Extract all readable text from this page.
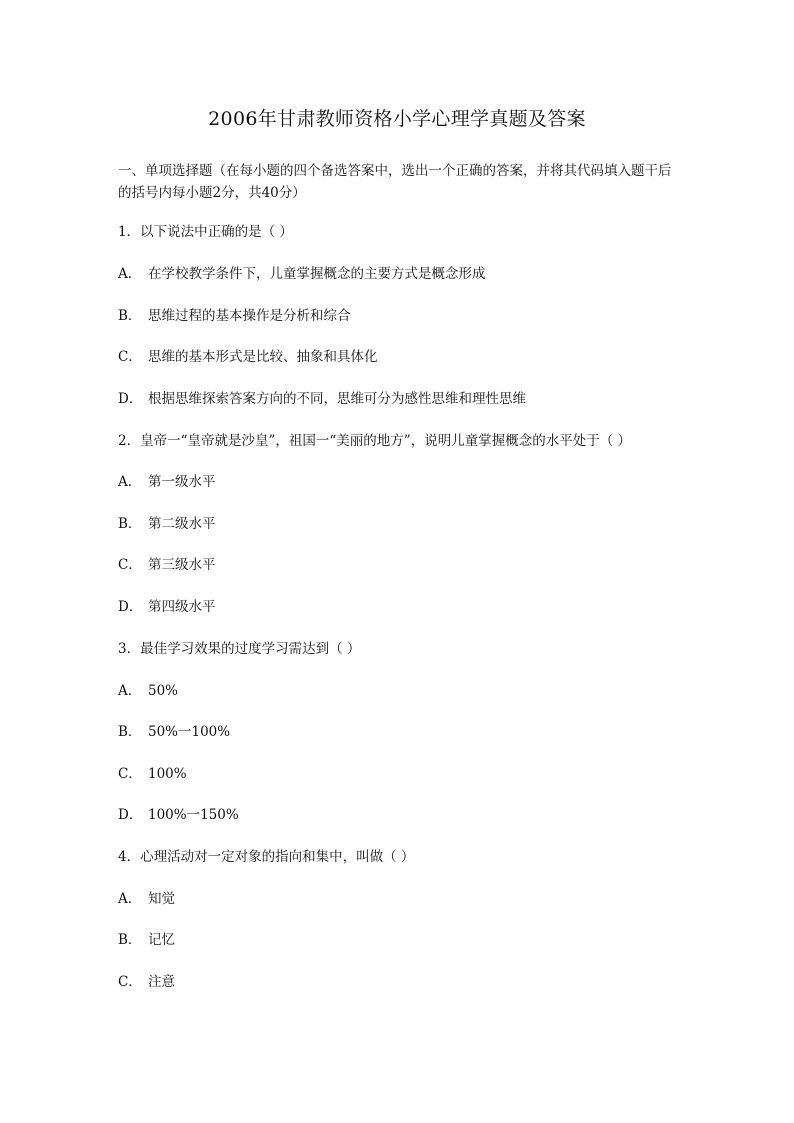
2006年甘肃教师资格小学心理学真题及答案
一、单项选择题（在每小题的四个备选答案中，选出一个正确的答案，并将其代码填入题干后的括号内每小题2分，共40分）
1．以下说法中正确的是（ ）
A． 在学校教学条件下，儿童掌握概念的主要方式是概念形成
B． 思维过程的基本操作是分析和综合
C． 思维的基本形式是比较、抽象和具体化
D． 根据思维探索答案方向的不同，思维可分为感性思维和理性思维
2．皇帝一“皇帝就是沙皇”，祖国一“美丽的地方”，说明儿童掌握概念的水平处于（ ）
A． 第一级水平
B． 第二级水平
C． 第三级水平
D． 第四级水平
3．最佳学习效果的过度学习需达到（ ）
A． 50%
B． 50%一100%
C． 100%
D． 100%一150%
4．心理活动对一定对象的指向和集中，叫做（ ）
A． 知觉
B． 记忆
C． 注意
